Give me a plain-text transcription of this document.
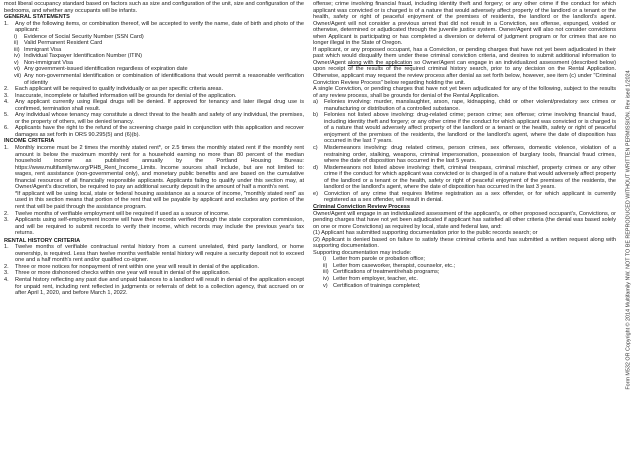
most liberal occupancy standard based on factors such as size and configuration of the unit, size and configuration of the bedrooms, and whether any occupants will be infants.

GENERAL STATEMENTS
1.	Any of the following items, or combination thereof, will be accepted to verify the name, date of birth and photo of the applicant:
i)	Evidence of Social Security Number (SSN Card)
ii)	Valid Permanent Resident Card
iii) Immigrant Visa
iv) Individual Taxpayer Identification Number (ITIN)
v) Non-immigrant Visa
vi) Any government-issued identification regardless of expiration date
vii) Any non-governmental identification or combination of identifications that would permit a reasonable verification of identity
2.	Each applicant will be required to qualify individually or as per specific criteria areas.
3.	Inaccurate, incomplete or falsified information will be grounds for denial of the application.
4.	Any applicant currently using illegal drugs will be denied. If approved for tenancy and later illegal drug use is confirmed, termination shall result.
5.	Any individual whose tenancy may constitute a direct threat to the health and safety of any individual, the premises, or the property of others, will be denied tenancy.
6.	Applicants have the right to the refund of the screening charge paid in conjunction with this application and recover damages as set forth in ORS 90.295(5) and (6)(b).
INCOME CRITERIA
1.	Monthly income must be 2 times the monthly stated rent*, or 2.5 times the monthly stated rent if the monthly rent amount is below the maximum monthly rent for a household earning no more than 80 percent of the median household income as published annually by the Portland Housing Bureau: https://www.multifamilynw.org/PHB_Rent_Income_Limits. Income sources shall include, but are not limited to: wages, rent assistance (non-governmental only), and monetary public benefits and are based on the cumulative financial resources of all financially responsible applicants. Applicants failing to qualify under this section may, at Owner/Agent's discretion, be required to pay an additional security deposit in the amount of half a month's rent.
*If applicant will be using local, state or federal housing assistance as a source of income, "monthly stated rent" as used in this section means that portion of the rent that will be payable by applicant and excludes any portion of the rent that will be paid through the assistance program.
2.	Twelve months of verifiable employment will be required if used as a source of income.
3.	Applicants using self-employment income will have their records verified through the state corporation commission, and will be required to submit records to verify their income, which records may include the previous year's tax returns.
RENTAL HISTORY CRITERIA
1.	Twelve months of verifiable contractual rental history from a current unrelated, third party landlord, or home ownership, is required. Less than twelve months verifiable rental history will require a security deposit not to exceed one and a half month's rent and/or qualified co-signer.
2.	Three or more notices for nonpayment of rent within one year will result in denial of the application.
3.	Three or more dishonored checks within one year will result in denial of the application.
4.	Rental history reflecting any past due and unpaid balances to a landlord will result in denial of the application except for unpaid rent, including rent reflected in judgments or referrals of debt to a collection agency, that accrued on or after April 1, 2020, and before March 1, 2022.

offense; crime involving financial fraud, including identity theft and forgery; or any other crime if the conduct for which applicant was convicted or is charged is of a nature that would adversely affect property of the landlord or a tenant or the health, safety or right of peaceful enjoyment of the premises of residents, the landlord or the landlord's agent. Owner/Agent will not consider a previous arrest that did not result in a Conviction, sex offense, expunged, voided or otherwise, determined or adjudicated through the juvenile justice system. Owner/Agent will also not consider convictions when Applicant is participating or has completed a diversion or deferral of judgment program or for crimes that are no longer illegal in the State of Oregon.

If applicant, or any proposed occupant, has a Conviction, or pending charges that have not yet been adjudicated in their past which would disqualify them under these criminal conviction criteria, and desires to submit additional information to Owner/Agent along with the application so Owner/Agent can engage in an individualized assessment (described below) upon receipt of the results of the required criminal history search, prior to any decision on the Rental Application. Otherwise, applicant may request the review process after denial as set forth below, however, see item (c) under "Criminal Conviction Review Process" below regarding holding the unit.

A single Conviction, or pending charges that have not yet been adjudicated for any of the following, subject to the results of any review process, shall be grounds for denial of the Rental Application.

a)	Felonies involving: murder, manslaughter, arson, rape, kidnapping, child or other violent/predatory sex crimes or manufacturing or distribution of a controlled substance.
b)	Felonies not listed above involving: drug-related crime; person crime; sex offense; crime involving financial fraud, including identity theft and forgery; or any other crime if the conduct for which applicant was convicted or is charged is of a nature that would adversely affect property of the landlord or a tenant or the health, safety or right of peaceful enjoyment of the premises of the residents, the landlord or the landlord's agent, where the date of disposition has occurred in the last 7 years.
c)	Misdemeanors involving: drug related crimes, person crimes, sex offenses, domestic violence, violation of a restraining order, stalking, weapons, criminal impersonation, possession of burglary tools, financial fraud crimes, where the date of disposition has occurred in the last 5 years.
d)	Misdemeanors not listed above involving: theft, criminal trespass, criminal mischief, property crimes or any other crime if the conduct for which applicant was convicted or is charged is of a nature that would adversely affect property of the landlord or a tenant or the health, safety or right of peaceful enjoyment of the premises of the residents, the landlord or the landlord's agent, where the date of disposition has occurred in the last 3 years.
e)	Conviction of any crime that requires lifetime registration as a sex offender, or for which applicant is currently registered as a sex offender, will result in denial.
Criminal Conviction Review Process

Owner/Agent will engage in an individualized assessment of the applicant's, or other proposed occupant's, Convictions, or pending charges that have not yet been adjudicated if applicant has satisfied all other criteria (the denial was based solely on one or more Convictions) as required by local, state and federal law, and:

(1) Applicant has submitted supporting documentation prior to the public records search; or

(2) Applicant is denied based on failure to satisfy these criminal criteria and has submitted a written request along with supporting documentation.

Supporting documentation may include:

i)	Letter from parole or probation office;
ii)	Letter from caseworker, therapist, counselor, etc.;
iii) Certifications of treatment/rehab programs;
iv) Letter from employer, teacher, etc.
v) Certification of trainings completed;	Form M532 OR Copyright © 2014 Multifamily NW. NOT TO BE REPRODUCED WITHOUT WRITTEN PERMISSION. Rev ised 1/2024
